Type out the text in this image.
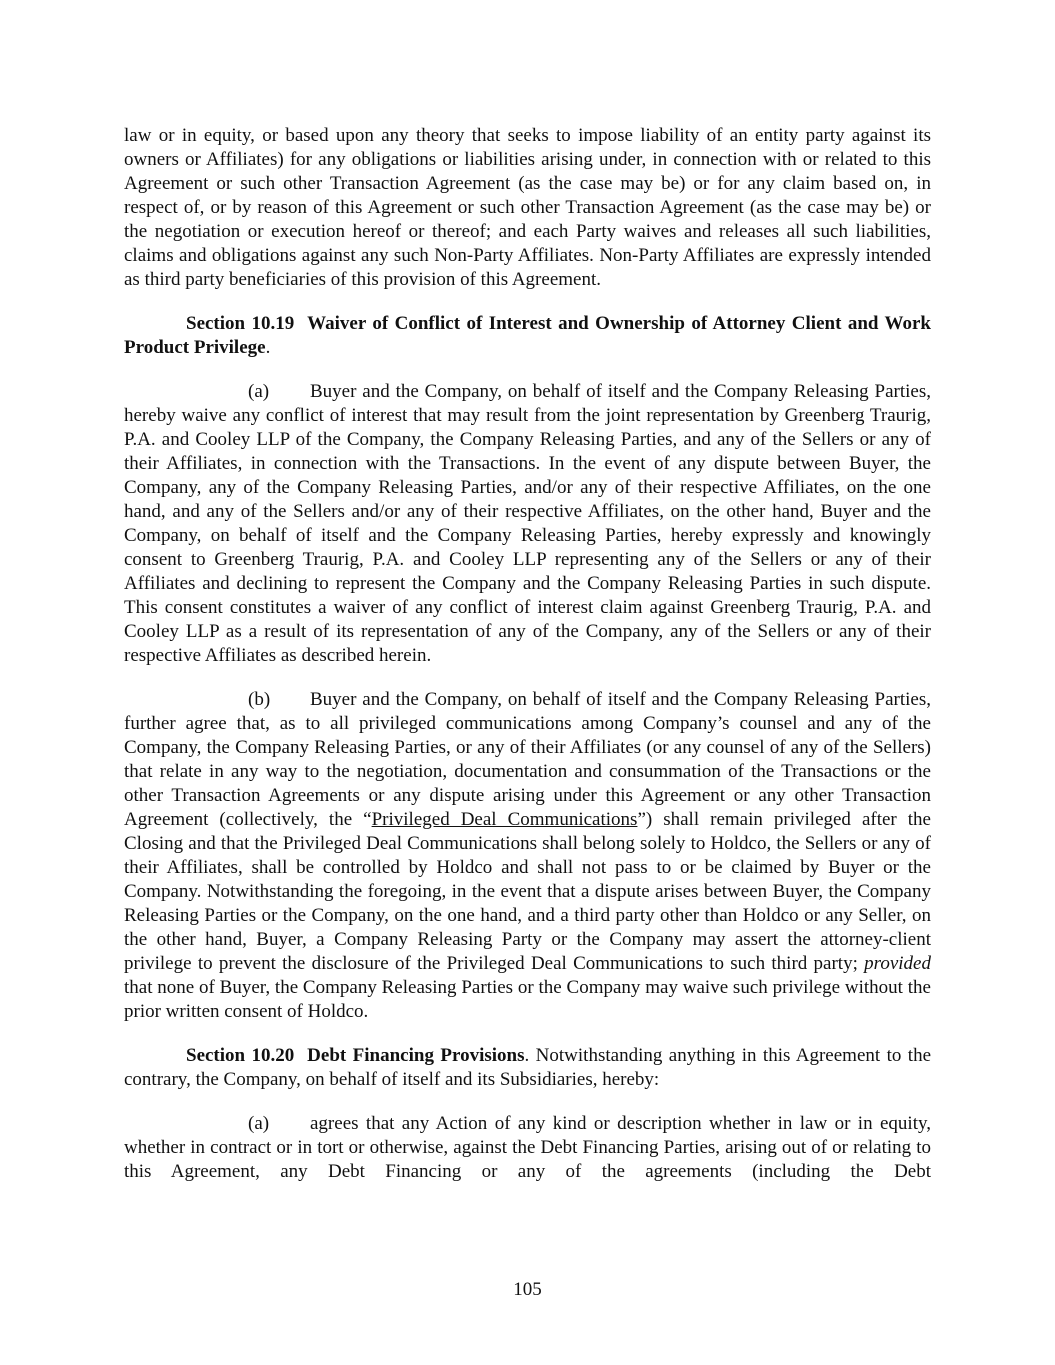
law or in equity, or based upon any theory that seeks to impose liability of an entity party against its owners or Affiliates) for any obligations or liabilities arising under, in connection with or related to this Agreement or such other Transaction Agreement (as the case may be) or for any claim based on, in respect of, or by reason of this Agreement or such other Transaction Agreement (as the case may be) or the negotiation or execution hereof or thereof; and each Party waives and releases all such liabilities, claims and obligations against any such Non-Party Affiliates. Non-Party Affiliates are expressly intended as third party beneficiaries of this provision of this Agreement.

Section 10.19 Waiver of Conflict of Interest and Ownership of Attorney Client and Work Product Privilege.

(a) Buyer and the Company, on behalf of itself and the Company Releasing Parties, hereby waive any conflict of interest that may result from the joint representation by Greenberg Traurig, P.A. and Cooley LLP of the Company, the Company Releasing Parties, and any of the Sellers or any of their Affiliates, in connection with the Transactions. In the event of any dispute between Buyer, the Company, any of the Company Releasing Parties, and/or any of their respective Affiliates, on the one hand, and any of the Sellers and/or any of their respective Affiliates, on the other hand, Buyer and the Company, on behalf of itself and the Company Releasing Parties, hereby expressly and knowingly consent to Greenberg Traurig, P.A. and Cooley LLP representing any of the Sellers or any of their Affiliates and declining to represent the Company and the Company Releasing Parties in such dispute. This consent constitutes a waiver of any conflict of interest claim against Greenberg Traurig, P.A. and Cooley LLP as a result of its representation of any of the Company, any of the Sellers or any of their respective Affiliates as described herein.

(b) Buyer and the Company, on behalf of itself and the Company Releasing Parties, further agree that, as to all privileged communications among Company’s counsel and any of the Company, the Company Releasing Parties, or any of their Affiliates (or any counsel of any of the Sellers) that relate in any way to the negotiation, documentation and consummation of the Transactions or the other Transaction Agreements or any dispute arising under this Agreement or any other Transaction Agreement (collectively, the “Privileged Deal Communications”) shall remain privileged after the Closing and that the Privileged Deal Communications shall belong solely to Holdco, the Sellers or any of their Affiliates, shall be controlled by Holdco and shall not pass to or be claimed by Buyer or the Company. Notwithstanding the foregoing, in the event that a dispute arises between Buyer, the Company Releasing Parties or the Company, on the one hand, and a third party other than Holdco or any Seller, on the other hand, Buyer, a Company Releasing Party or the Company may assert the attorney-client privilege to prevent the disclosure of the Privileged Deal Communications to such third party; provided that none of Buyer, the Company Releasing Parties or the Company may waive such privilege without the prior written consent of Holdco.

Section 10.20 Debt Financing Provisions. Notwithstanding anything in this Agreement to the contrary, the Company, on behalf of itself and its Subsidiaries, hereby:

(a) agrees that any Action of any kind or description whether in law or in equity, whether in contract or in tort or otherwise, against the Debt Financing Parties, arising out of or relating to this Agreement, any Debt Financing or any of the agreements (including the Debt

105
